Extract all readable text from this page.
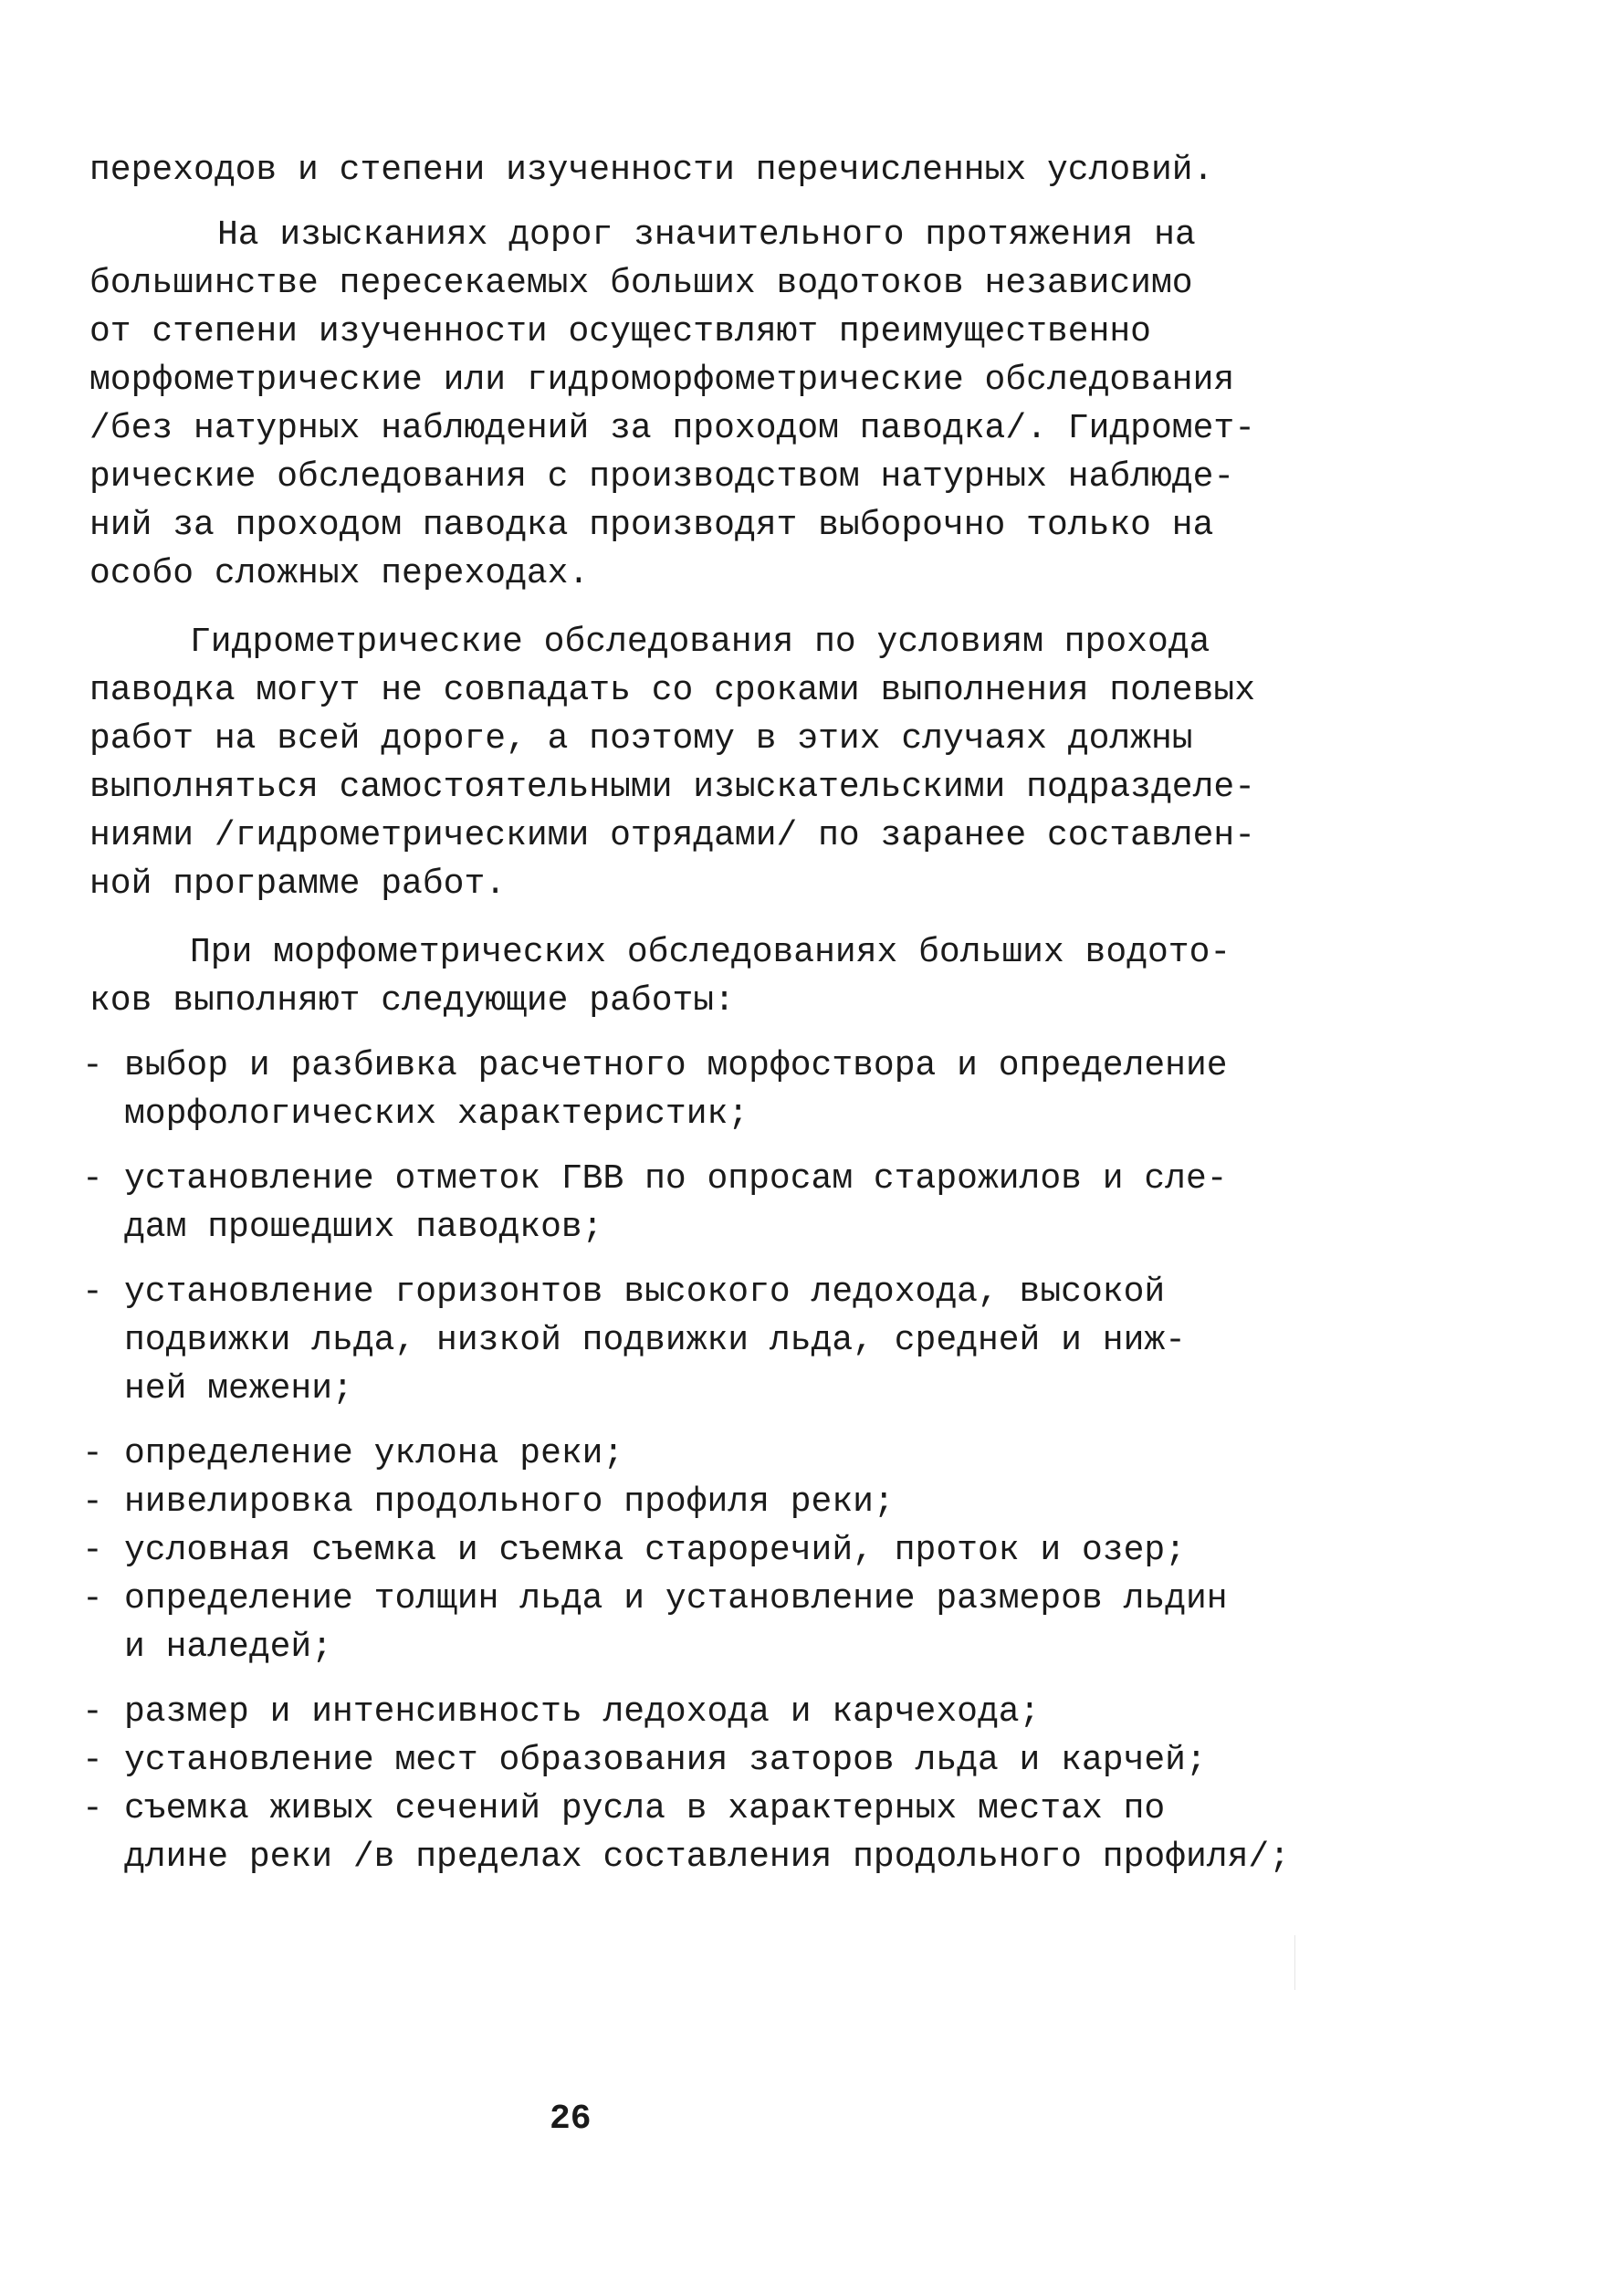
переходов и степени изученности перечисленных условий.
На изысканиях дорог значительного протяжения на
большинстве пересекаемых больших водотоков независимо
от степени изученности осуществляют преимущественно
морфометрические или гидроморфометрические обследования
/без натурных наблюдений за проходом паводка/. Гидромет-
рические обследования с производством натурных наблюде-
ний за проходом паводка производят выборочно только на
особо сложных переходах.
Гидрометрические обследования по условиям прохода
паводка могут не совпадать со сроками выполнения полевых
работ на всей дороге, а поэтому в этих случаях должны
выполняться самостоятельными изыскательскими подразделе-
ниями /гидрометрическими отрядами/ по заранее составлен-
ной программе работ.
При морфометрических обследованиях больших водото-
ков выполняют следующие работы:
- выбор и разбивка расчетного морфоствора и определение
морфологических характеристик;
- установление отметок ГВВ по опросам старожилов и сле-
дам прошедших паводков;
- установление горизонтов высокого ледохода, высокой
подвижки льда, низкой подвижки льда, средней и ниж-
ней межени;
- определение уклона реки;
- нивелировка продольного профиля реки;
- условная съемка и съемка староречий, проток и озер;
- определение толщин льда и установление размеров льдин
и наледей;
- размер и интенсивность ледохода и карчехода;
- установление мест образования заторов льда и карчей;
- съемка живых сечений русла в характерных местах по
длине реки /в пределах составления продольного профиля/;
26
